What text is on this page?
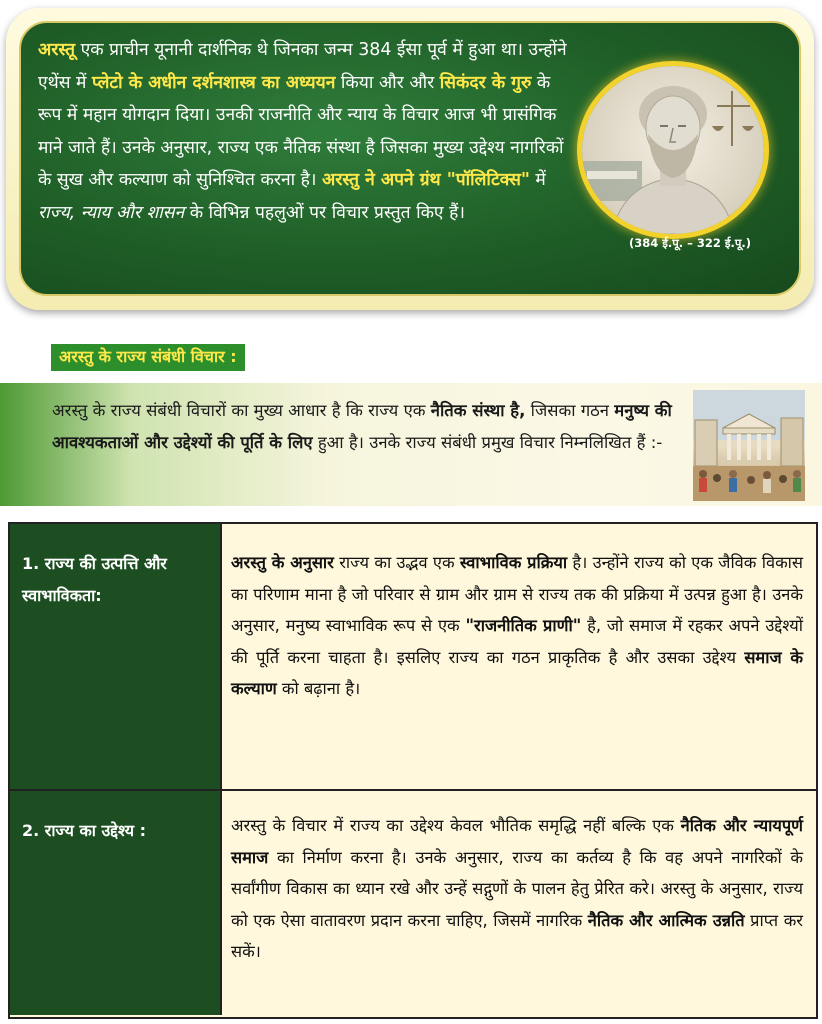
अरस्तू एक प्राचीन यूनानी दार्शनिक थे जिनका जन्म 384 ईसा पूर्व में हुआ था। उन्होंने एथेंस में प्लेटो के अधीन दर्शनशास्त्र का अध्ययन किया और और सिकंदर के गुरु के रूप में महान योगदान दिया। उनकी राजनीति और न्याय के विचार आज भी प्रासंगिक माने जाते हैं। उनके अनुसार, राज्य एक नैतिक संस्था है जिसका मुख्य उद्देश्य नागरिकों के सुख और कल्याण को सुनिश्चित करना है। अरस्तु ने अपने ग्रंथ "पॉलिटिक्स" में राज्य, न्याय और शासन के विभिन्न पहलुओं पर विचार प्रस्तुत किए हैं।
(384 ई.पू. – 322 ई.पू.)
अरस्तु के राज्य संबंधी विचार :
अरस्तु के राज्य संबंधी विचारों का मुख्य आधार है कि राज्य एक नैतिक संस्था है, जिसका गठन मनुष्य की आवश्यकताओं और उद्देश्यों की पूर्ति के लिए हुआ है। उनके राज्य संबंधी प्रमुख विचार निम्नलिखित हैं :-
1. राज्य की उत्पत्ति और स्वाभाविकता:
अरस्तु के अनुसार राज्य का उद्भव एक स्वाभाविक प्रक्रिया है। उन्होंने राज्य को एक जैविक विकास का परिणाम माना है जो परिवार से ग्राम और ग्राम से राज्य तक की प्रक्रिया में उत्पन्न हुआ है। उनके अनुसार, मनुष्य स्वाभाविक रूप से एक "राजनीतिक प्राणी" है, जो समाज में रहकर अपने उद्देश्यों की पूर्ति करना चाहता है। इसलिए राज्य का गठन प्राकृतिक है और उसका उद्देश्य समाज के कल्याण को बढ़ाना है।
2. राज्य का उद्देश्य :	अरस्तु के विचार में राज्य का उद्देश्य केवल भौतिक समृद्धि नहीं बल्कि एक नैतिक और न्यायपूर्ण समाज का निर्माण करना है। उनके अनुसार, राज्य का कर्तव्य है कि वह अपने नागरिकों के सर्वांगीण विकास का ध्यान रखे और उन्हें सद्गुणों के पालन हेतु प्रेरित करे। अरस्तु के अनुसार, राज्य को एक ऐसा वातावरण प्रदान करना चाहिए, जिसमें नागरिक नैतिक और आत्मिक उन्नति प्राप्त कर सकें।
